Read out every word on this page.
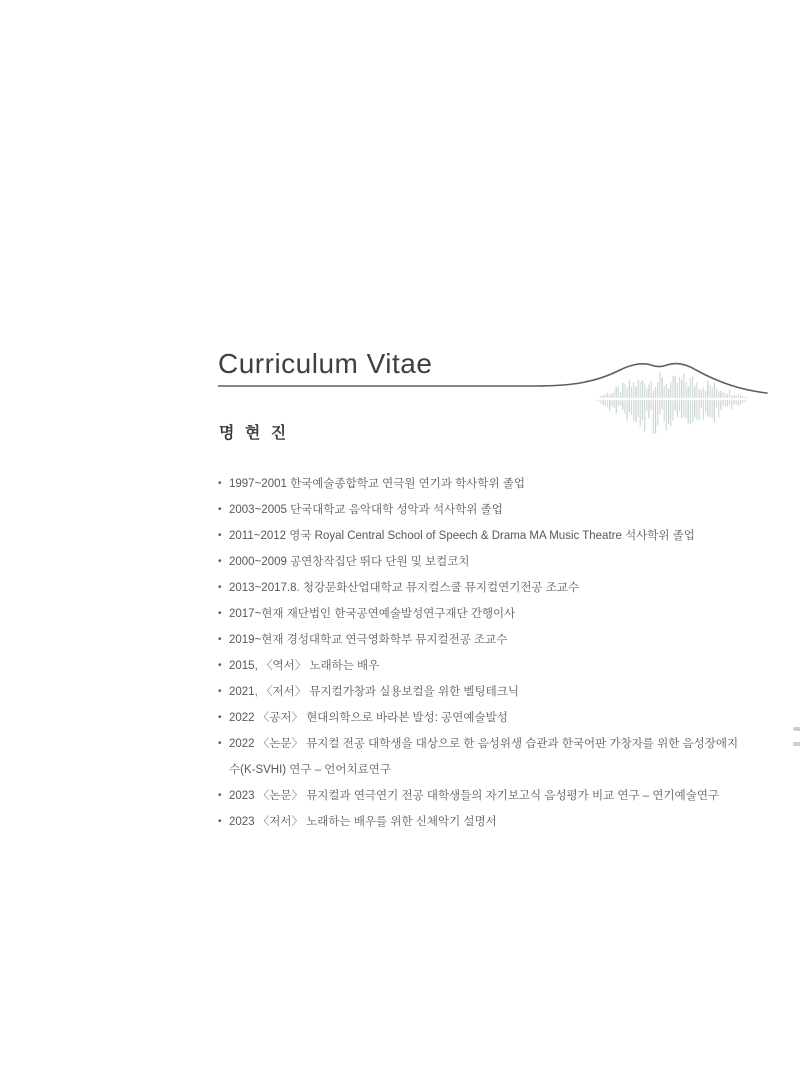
Curriculum Vitae
명 현 진
• 1997~2001 한국예술종합학교 연극원 연기과 학사학위 졸업
• 2003~2005 단국대학교 음악대학 성악과 석사학위 졸업
• 2011~2012 영국 Royal Central School of Speech & Drama MA Music Theatre 석사학위 졸업
• 2000~2009 공연창작집단 뛰다 단원 및 보컬코치
• 2013~2017.8. 청강문화산업대학교 뮤지컬스쿨 뮤지컬연기전공 조교수
• 2017~현재 재단법인 한국공연예술발성연구재단 간행이사
• 2019~현재 경성대학교 연극영화학부 뮤지컬전공 조교수
• 2015, 〈역서〉 노래하는 배우
• 2021, 〈저서〉 뮤지컬가창과 실용보컬을 위한 벨팅테크닉
• 2022 〈공저〉 현대의학으로 바라본 발성: 공연예술발성
• 2022 〈논문〉 뮤지컬 전공 대학생을 대상으로 한 음성위생 습관과 한국어판 가창자를 위한 음성장애지수(K-SVHI) 연구 – 언어치료연구
• 2023 〈논문〉 뮤지컬과 연극연기 전공 대학생들의 자기보고식 음성평가 비교 연구 – 연기예술연구
• 2023 〈저서〉 노래하는 배우를 위한 신체악기 설명서
